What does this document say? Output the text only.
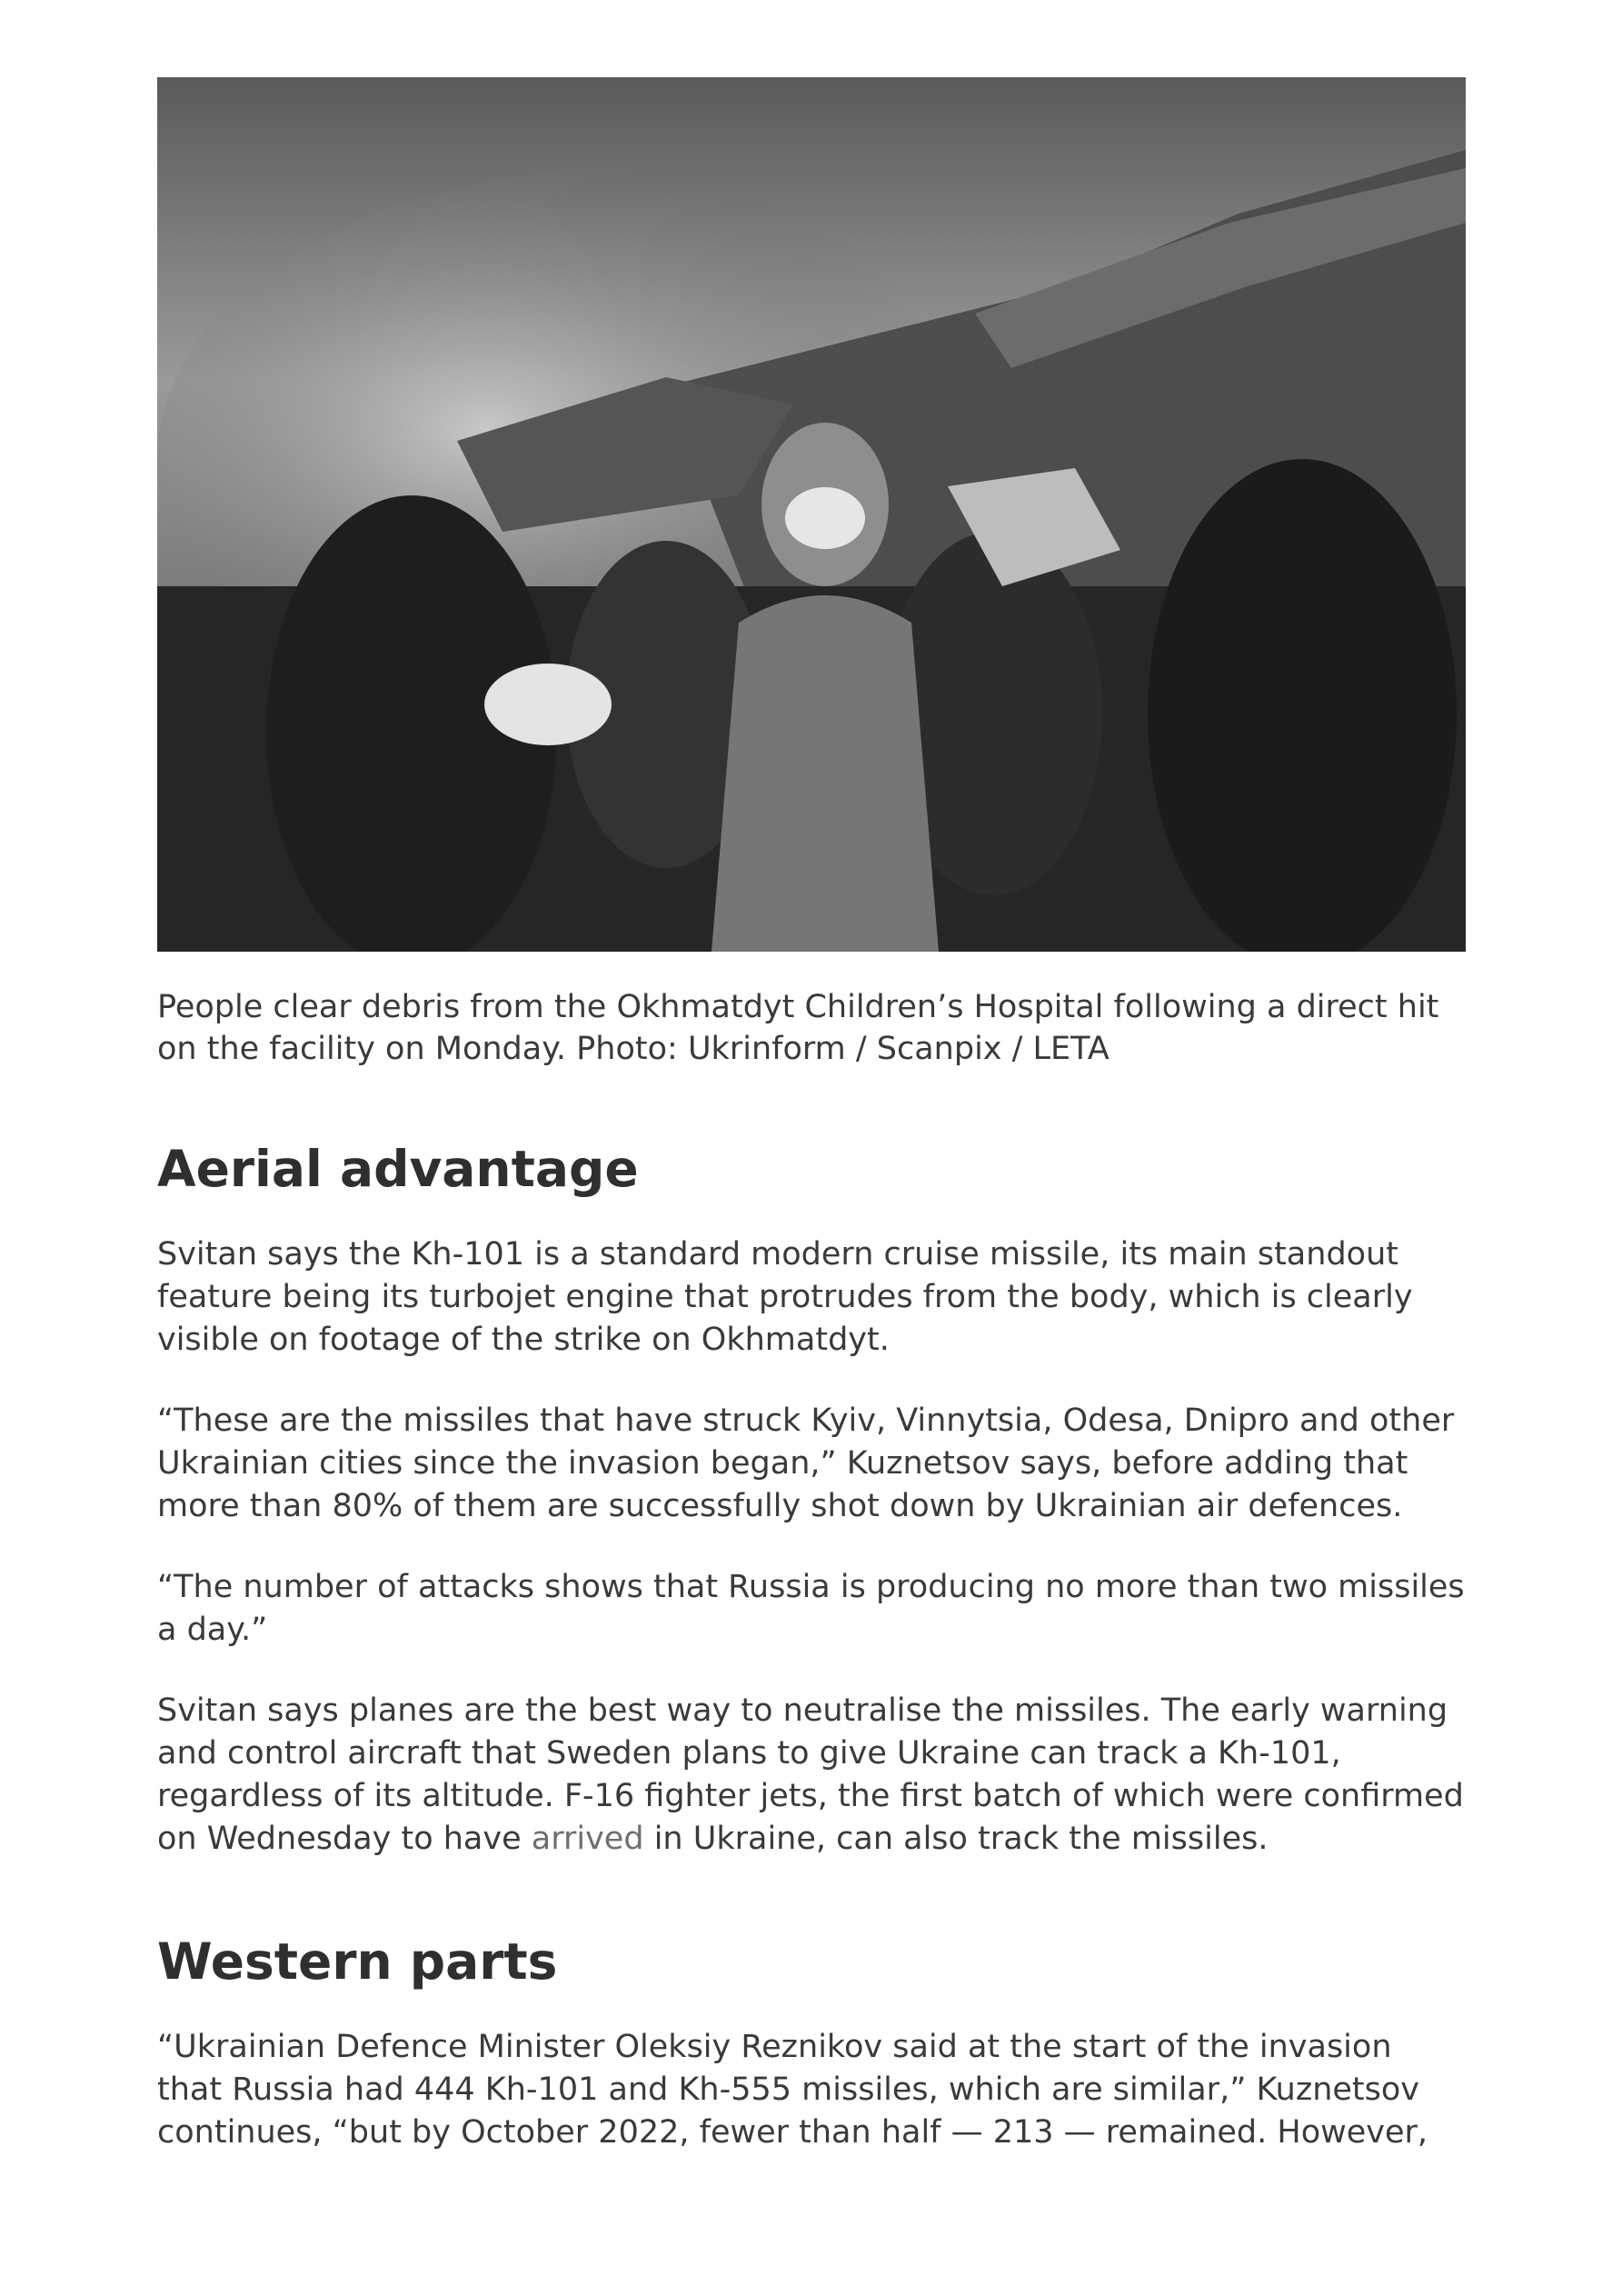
People clear debris from the Okhmatdyt Children’s Hospital following a direct hit on the facility on Monday. Photo: Ukrinform / Scanpix / LETA
Aerial advantage

Svitan says the Kh-101 is a standard modern cruise missile, its main standout feature being its turbojet engine that protrudes from the body, which is clearly visible on footage of the strike on Okhmatdyt.

“These are the missiles that have struck Kyiv, Vinnytsia, Odesa, Dnipro and other Ukrainian cities since the invasion began,” Kuznetsov says, before adding that more than 80% of them are successfully shot down by Ukrainian air defences.

“The number of attacks shows that Russia is producing no more than two missiles a day.”

Svitan says planes are the best way to neutralise the missiles. The early warning and control aircraft that Sweden plans to give Ukraine can track a Kh-101, regardless of its altitude. F-16 fighter jets, the first batch of which were confirmed on Wednesday to have arrived in Ukraine, can also track the missiles.

Western parts

“Ukrainian Defence Minister Oleksiy Reznikov said at the start of the invasion that Russia had 444 Kh-101 and Kh-555 missiles, which are similar,” Kuznetsov continues, “but by October 2022, fewer than half — 213 — remained. However,
